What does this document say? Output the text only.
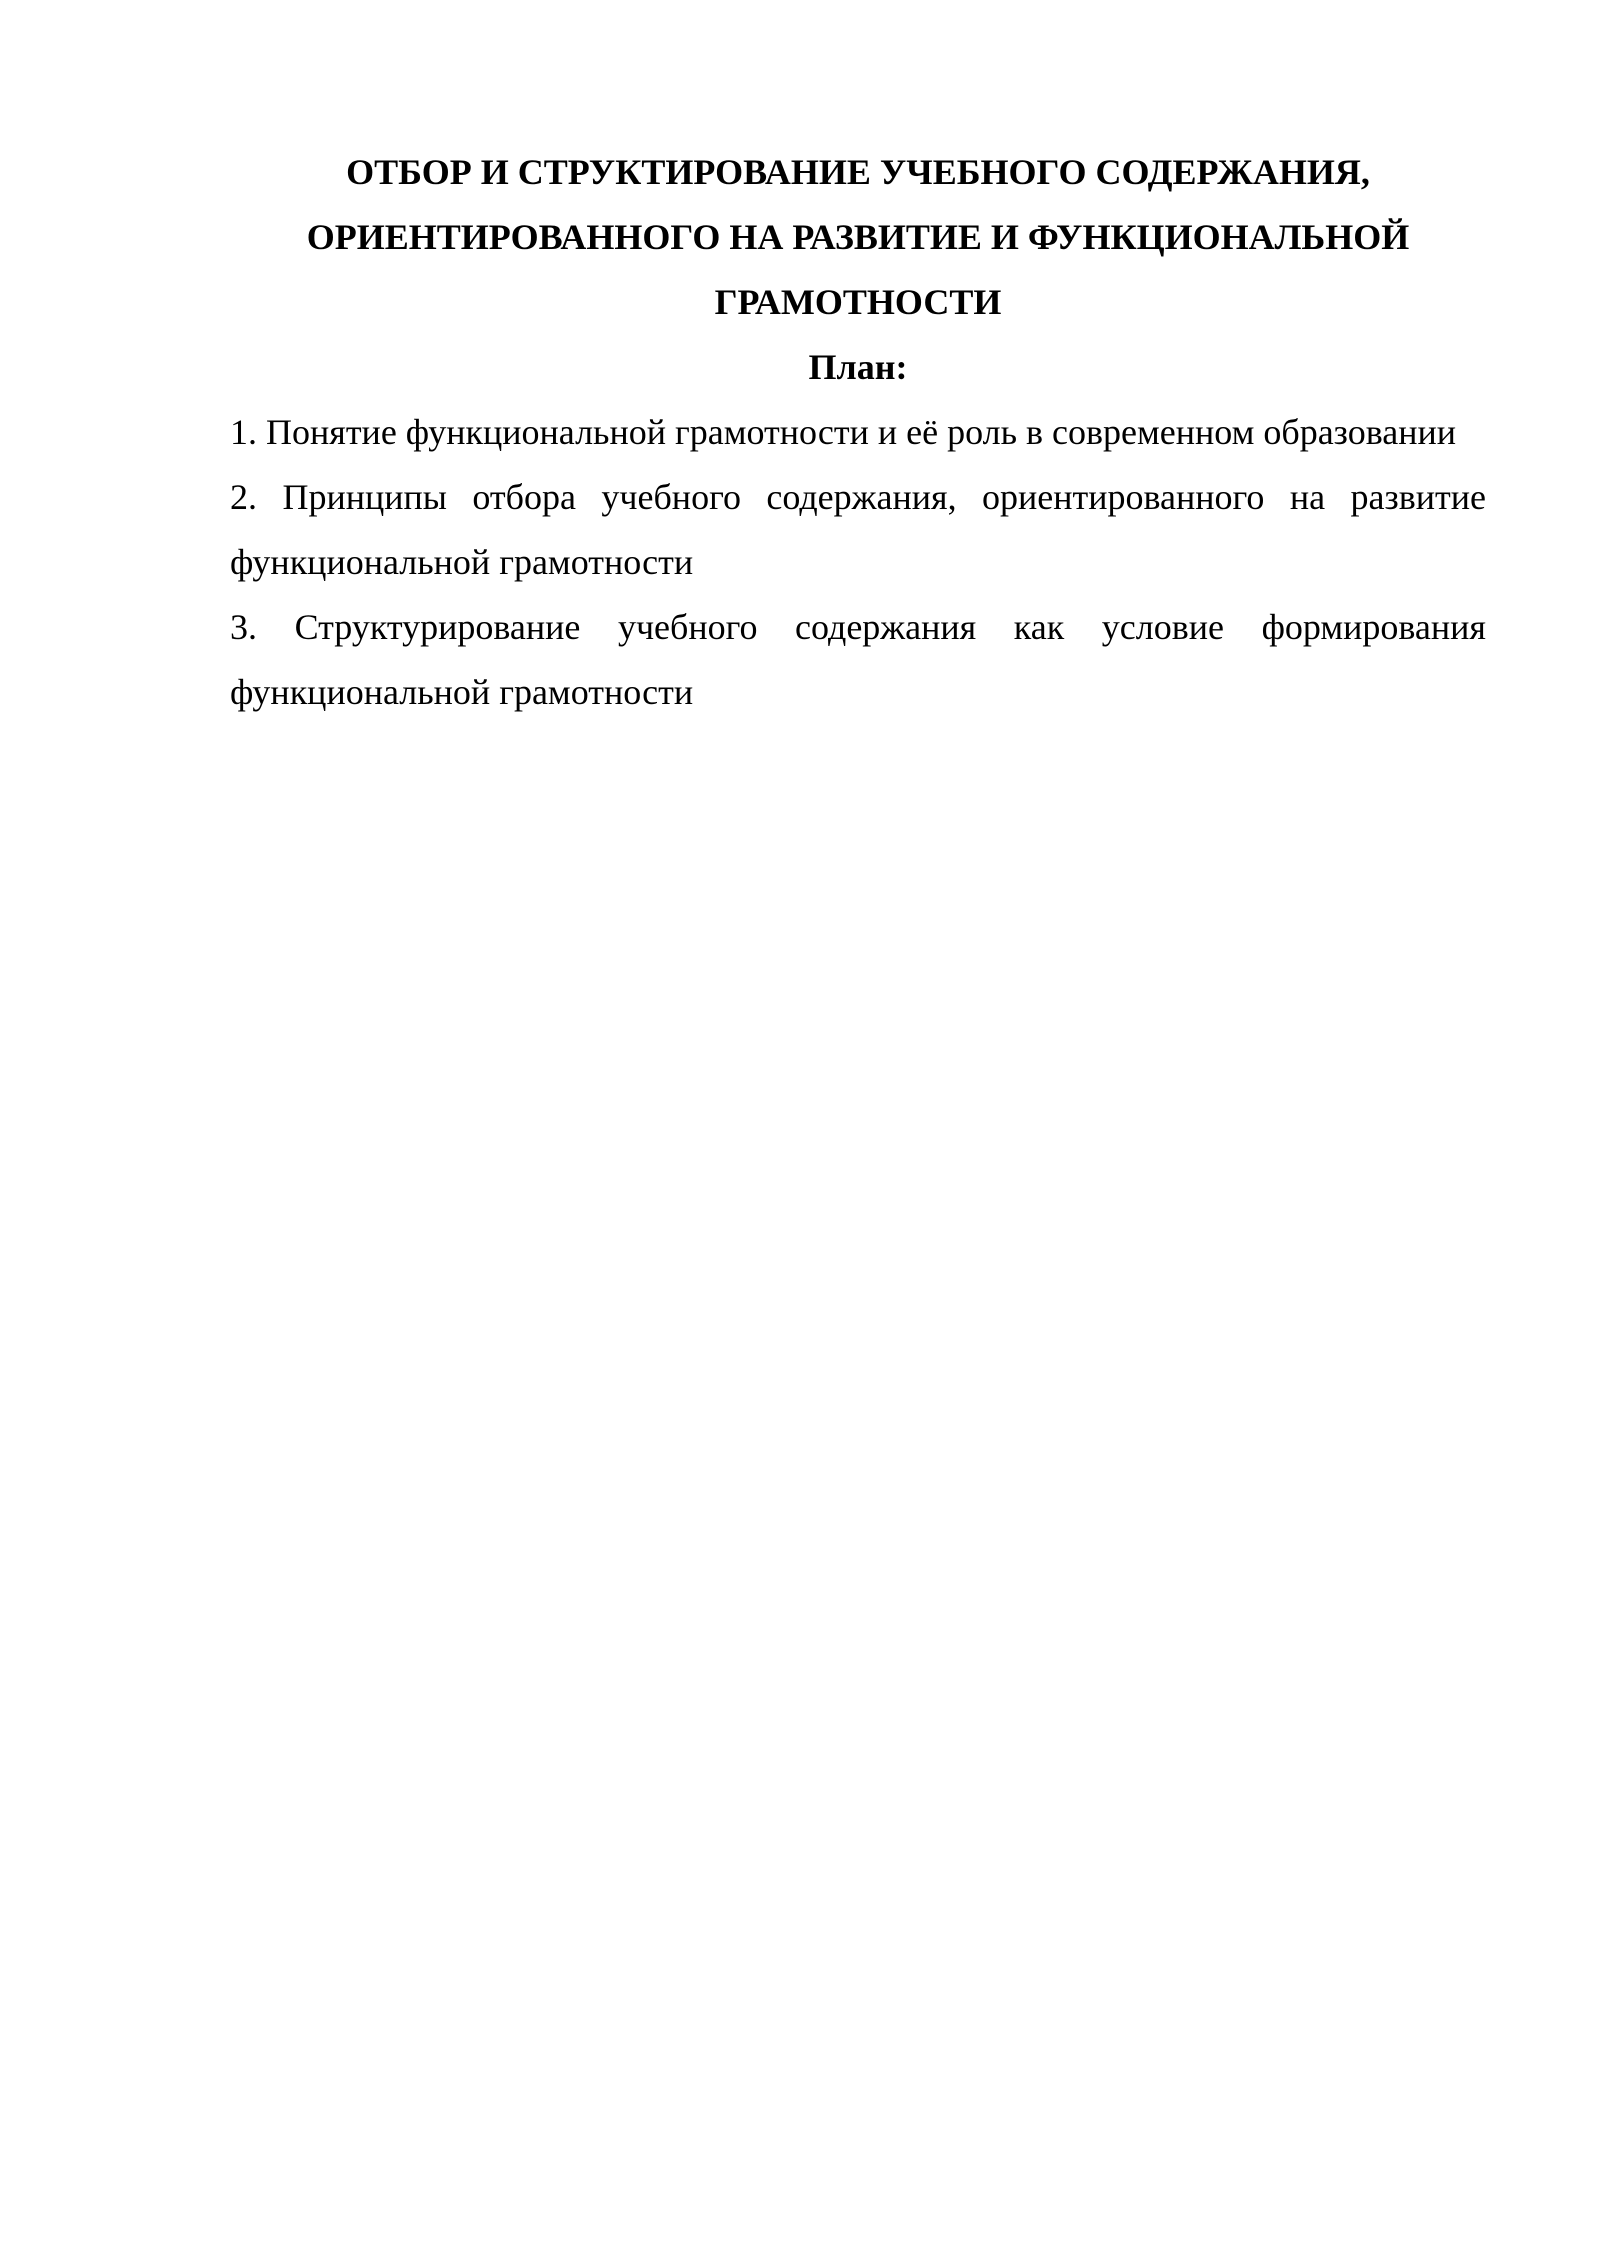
ОТБОР И СТРУКТИРОВАНИЕ УЧЕБНОГО СОДЕРЖАНИЯ,
ОРИЕНТИРОВАННОГО НА РАЗВИТИЕ И ФУНКЦИОНАЛЬНОЙ
ГРАМОТНОСТИ
План:
1. Понятие функциональной грамотности и её роль в современном образовании
2. Принципы отбора учебного содержания, ориентированного на развитие функциональной грамотности
3. Структурирование учебного содержания как условие формирования функциональной грамотности
